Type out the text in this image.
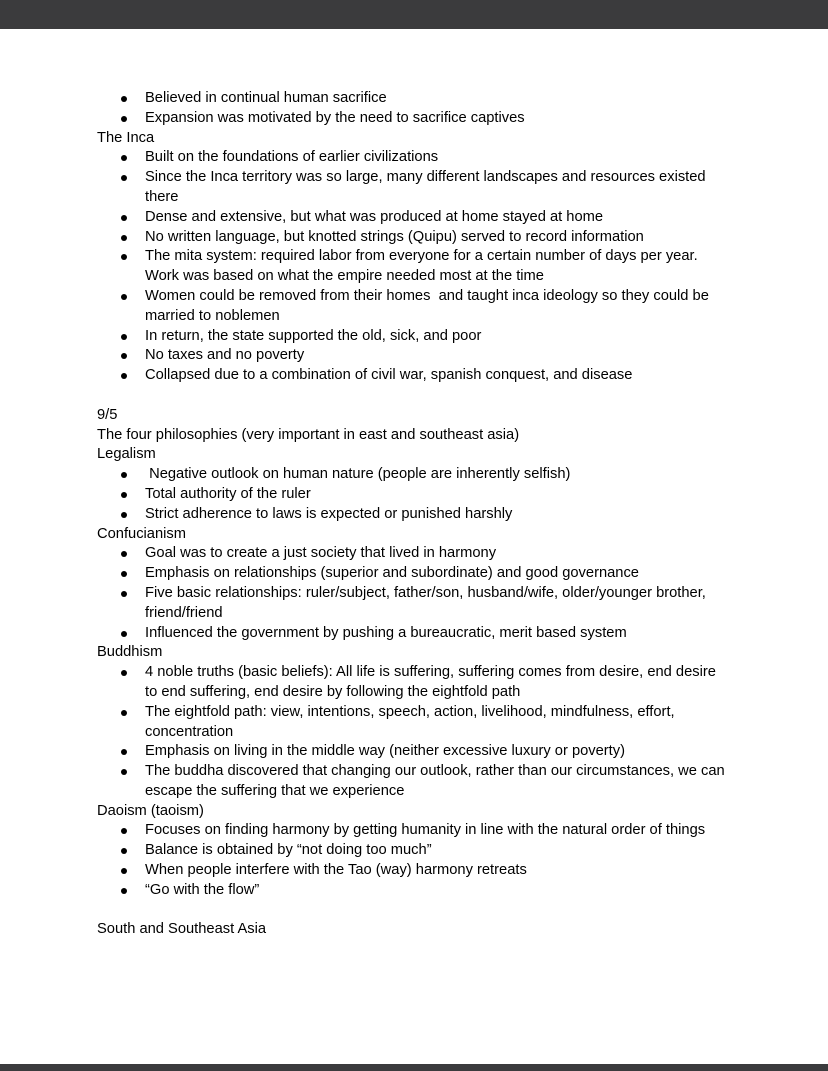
Believed in continual human sacrifice
Expansion was motivated by the need to sacrifice captives
The Inca
Built on the foundations of earlier civilizations
Since the Inca territory was so large, many different landscapes and resources existed there
Dense and extensive, but what was produced at home stayed at home
No written language, but knotted strings (Quipu) served to record information
The mita system: required labor from everyone for a certain number of days per year. Work was based on what the empire needed most at the time
Women could be removed from their homes  and taught inca ideology so they could be married to noblemen
In return, the state supported the old, sick, and poor
No taxes and no poverty
Collapsed due to a combination of civil war, spanish conquest, and disease
9/5
The four philosophies (very important in east and southeast asia)
Legalism
Negative outlook on human nature (people are inherently selfish)
Total authority of the ruler
Strict adherence to laws is expected or punished harshly
Confucianism
Goal was to create a just society that lived in harmony
Emphasis on relationships (superior and subordinate) and good governance
Five basic relationships: ruler/subject, father/son, husband/wife, older/younger brother, friend/friend
Influenced the government by pushing a bureaucratic, merit based system
Buddhism
4 noble truths (basic beliefs): All life is suffering, suffering comes from desire, end desire to end suffering, end desire by following the eightfold path
The eightfold path: view, intentions, speech, action, livelihood, mindfulness, effort, concentration
Emphasis on living in the middle way (neither excessive luxury or poverty)
The buddha discovered that changing our outlook, rather than our circumstances, we can escape the suffering that we experience
Daoism (taoism)
Focuses on finding harmony by getting humanity in line with the natural order of things
Balance is obtained by “not doing too much”
When people interfere with the Tao (way) harmony retreats
“Go with the flow”
South and Southeast Asia
